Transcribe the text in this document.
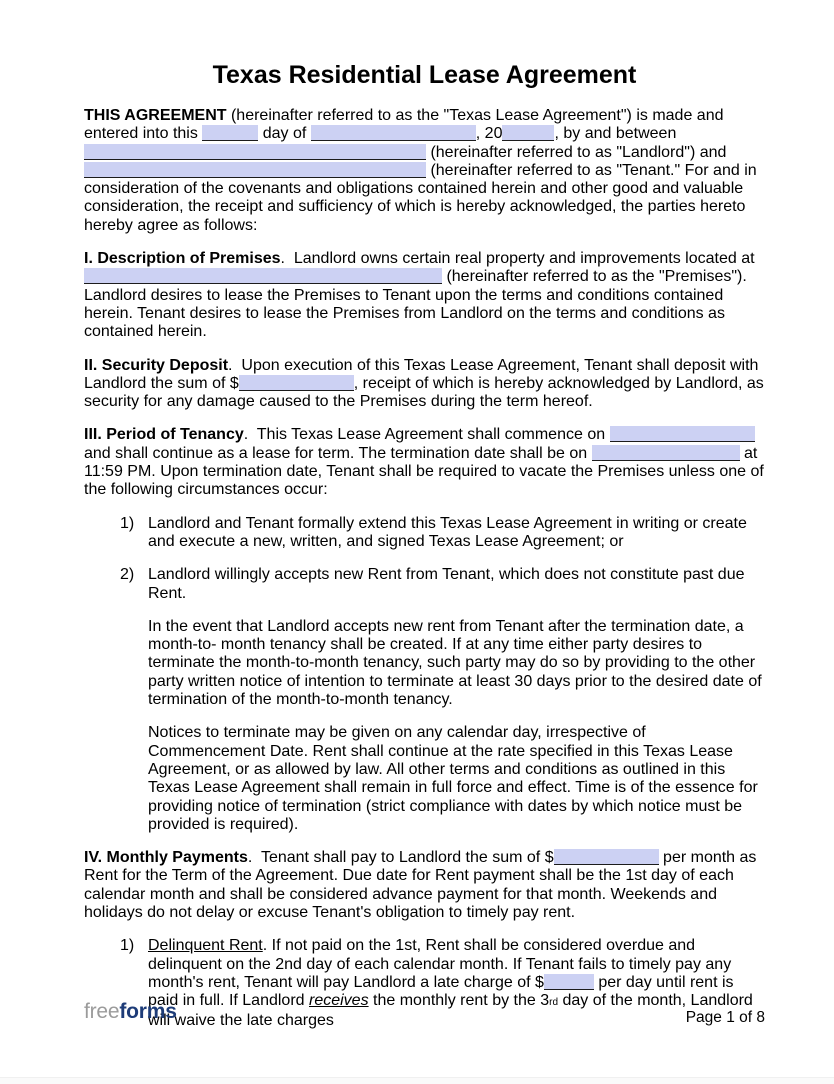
Texas Residential Lease Agreement

THIS AGREEMENT (hereinafter referred to as the "Texas Lease Agreement") is made and entered into this	day of	, 20	, by and between  (hereinafter referred to as "Landlord") and  (hereinafter referred to as "Tenant." For and in consideration of the covenants and obligations contained herein and other good and valuable consideration, the receipt and sufficiency of which is hereby acknowledged, the parties hereto hereby agree as follows:

I. Description of Premises.  Landlord owns certain real property and improvements located at  (hereinafter referred to as the "Premises"). Landlord desires to lease the Premises to Tenant upon the terms and conditions contained herein. Tenant desires to lease the Premises from Landlord on the terms and conditions as contained herein.

II. Security Deposit.  Upon execution of this Texas Lease Agreement, Tenant shall deposit with Landlord the sum of $	, receipt of which is hereby acknowledged by Landlord, as security for any damage caused to the Premises during the term hereof.

III. Period of Tenancy.  This Texas Lease Agreement shall commence on  and shall continue as a lease for term. The termination date shall be on	at 11:59 PM. Upon termination date, Tenant shall be required to vacate the Premises unless one of the following circumstances occur:

1) Landlord and Tenant formally extend this Texas Lease Agreement in writing or create and execute a new, written, and signed Texas Lease Agreement; or
2) Landlord willingly accepts new Rent from Tenant, which does not constitute past due Rent.

In the event that Landlord accepts new rent from Tenant after the termination date, a month-to- month tenancy shall be created. If at any time either party desires to terminate the month-to-month tenancy, such party may do so by providing to the other party written notice of intention to terminate at least 30 days prior to the desired date of termination of the month-to-month tenancy.

Notices to terminate may be given on any calendar day, irrespective of Commencement Date. Rent shall continue at the rate specified in this Texas Lease Agreement, or as allowed by law. All other terms and conditions as outlined in this Texas Lease Agreement shall remain in full force and effect. Time is of the essence for providing notice of termination (strict compliance with dates by which notice must be provided is required).

IV. Monthly Payments.  Tenant shall pay to Landlord the sum of $	per month as Rent for the Term of the Agreement. Due date for Rent payment shall be the 1st day of each calendar month and shall be considered advance payment for that month. Weekends and holidays do not delay or excuse Tenant's obligation to timely pay rent.

1) Delinquent Rent. If not paid on the 1st, Rent shall be considered overdue and delinquent on the 2nd day of each calendar month. If Tenant fails to timely pay any month's rent, Tenant will pay Landlord a late charge of $	per day until rent is paid in full. If Landlord receives the monthly rent by the 3rd day of the month, Landlord will waive the late charges
freeforms	Page 1 of 8
